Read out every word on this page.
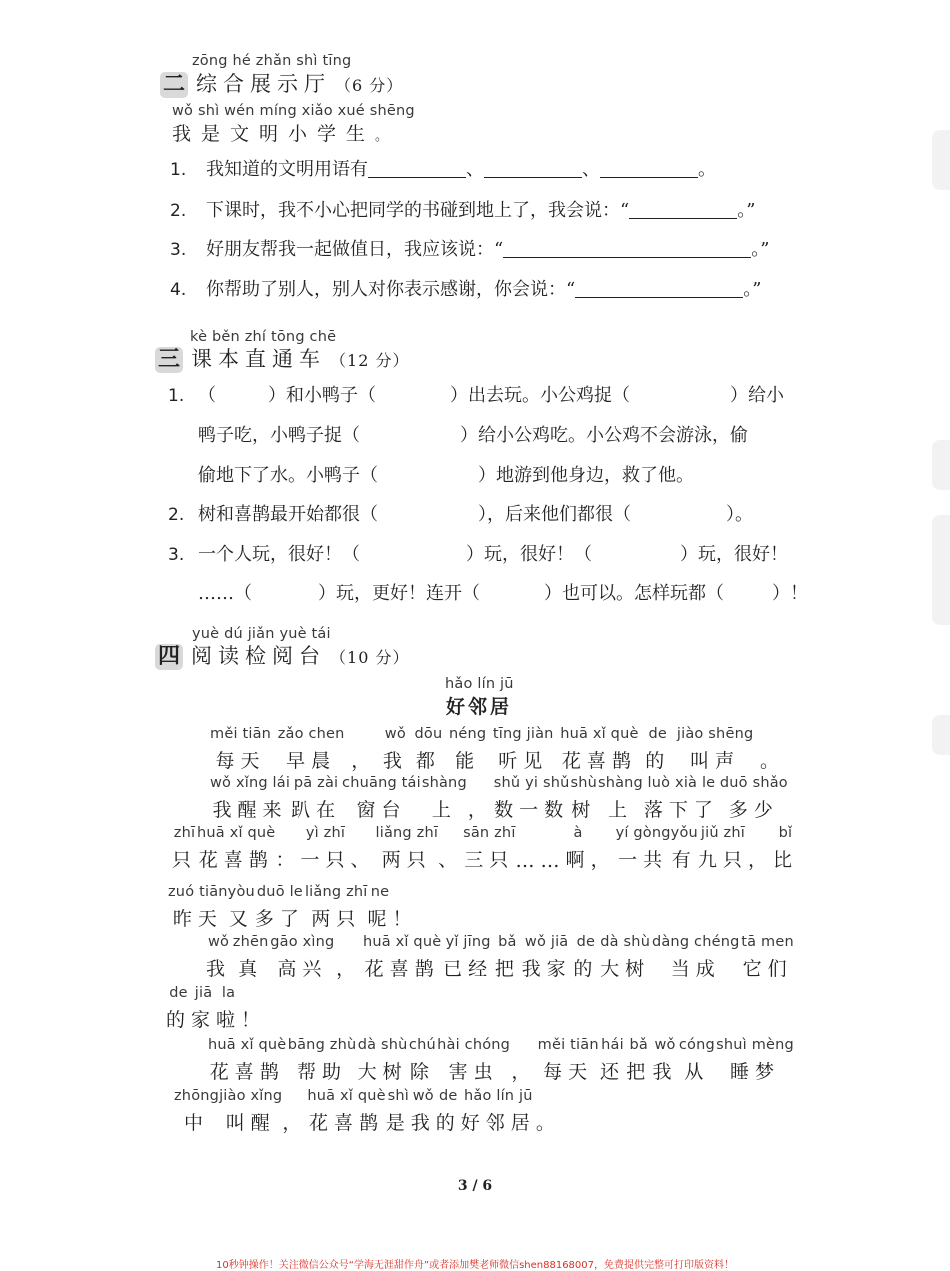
zōng hé zhǎn shì tīng
二 综合展示厅 （6 分）
wǒ shì wén míng xiǎo xué shēng
我是文明小学生。
1. 我知道的文明用语有	、	、	。
2. 下课时，我不小心把同学的书碰到地上了，我会说：“	。”
3. 好朋友帮我一起做值日，我应该说：“	。”
4. 你帮助了别人，别人对你表示感谢，你会说：“	。”
kè běn zhí tōng chē
三 课本直通车 （12 分）
1. （	）和小鸭子（	）出去玩。小公鸡捉（	）给小
鸭子吃，小鸭子捉（	）给小公鸡吃。小公鸡不会游泳，偷
偷地下了水。小鸭子（	）地游到他身边，救了他。
2. 树和喜鹊最开始都很（	），后来他们都很（	）。
3. 一个人玩，很好！（	）玩，很好！（	）玩，很好！
……（	）玩，更好！连开（	）也可以。怎样玩都（	）！
yuè dú jiǎn yuè tái
四 阅读检阅台 （10 分）
hǎo lín jū
好邻居
měi tiān
每天
zǎo chen
早晨
，
wǒ
我
dōu
都
néng
能
tīng jiàn
听见
huā xǐ què
花喜鹊
de
的
jiào shēng
叫声
	。
wǒ xǐng lái
我醒来
pā zài
趴在
chuāng tái
窗台
shàng
上
，
shǔ yi shǔ
数一数
shù
树
shàng
上
luò xià le
落下了
duō shǎo
多少
zhī
只
huā xǐ què
花喜鹊
：
yì zhī
一只
、
liǎng zhī
两只
、
sān zhī
三只
……
à
啊
，
yí gòng
一共
yǒu
有
jiǔ zhī
九只
，
bǐ
比
zuó tiān
昨天
yòu
又
duō le
多了
liǎng zhī
两只
ne
呢
！
wǒ
我
zhēn
真
gāo xìng
高兴
，
huā xǐ què
花喜鹊
yǐ jīng
已经
bǎ
把
wǒ jiā
我家
de
的
dà shù
大树
dàng chéng
当成
tā men
它们
de
的
jiā
家
la
啦
！
huā xǐ què
花喜鹊
bāng zhù
帮助
dà shù
大树
chú
除
hài chóng
害虫
，
měi tiān
每天
hái
还
bǎ
把
wǒ
我
cóng
从
shuì mèng
睡梦
zhōng
中
jiào xǐng
叫醒
，
huā xǐ què
花喜鹊
shì
是
wǒ
我
de
的
hǎo lín jū
好邻居
。
3 / 6
10秒钟操作！关注微信公众号“学海无涯甜作舟”或者添加樊老师微信shen88168007，免费提供完整可打印版资料！
